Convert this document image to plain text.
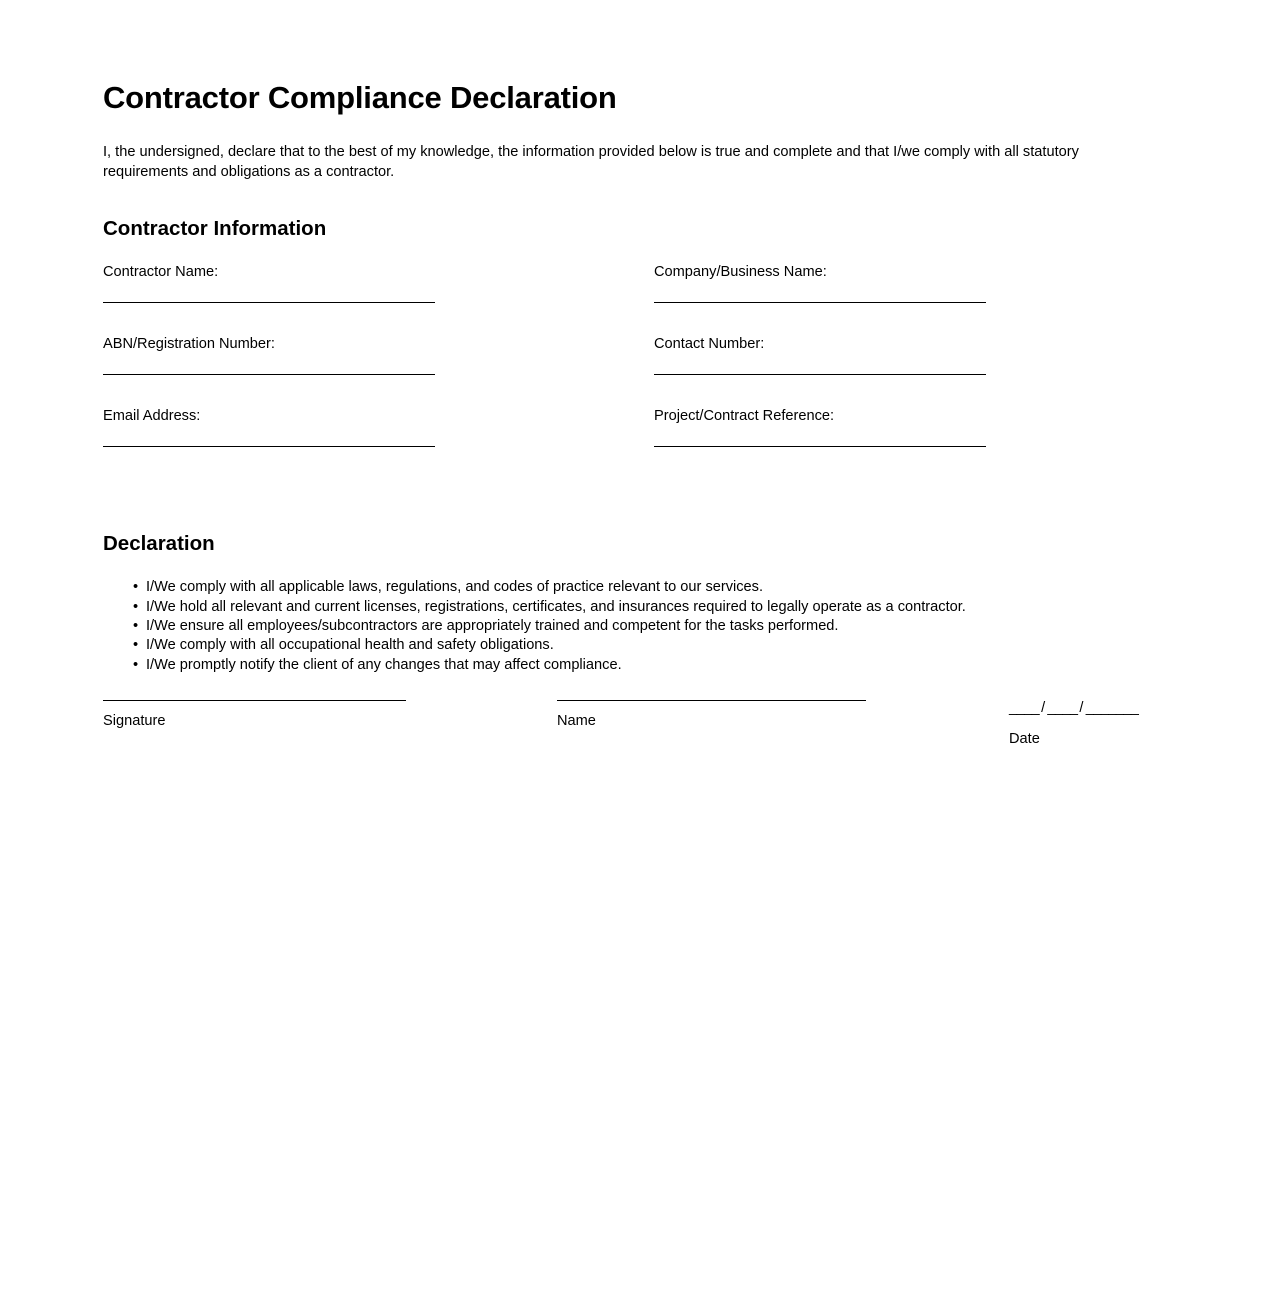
Contractor Compliance Declaration

I, the undersigned, declare that to the best of my knowledge, the information provided below is true and complete and that I/we comply with all statutory requirements and obligations as a contractor.

Contractor Information
Contractor Name:	Company/Business Name:
ABN/Registration Number:	Contact Number:
Email Address:	Project/Contract Reference:
Declaration
• I/We comply with all applicable laws, regulations, and codes of practice relevant to our services.
• I/We hold all relevant and current licenses, registrations, certificates, and insurances required to legally operate as a contractor.
• I/We ensure all employees/subcontractors are appropriately trained and competent for the tasks performed.
• I/We comply with all occupational health and safety obligations.
• I/We promptly notify the client of any changes that may affect compliance.
Signature	Name
____ / ____ / _______
Date
